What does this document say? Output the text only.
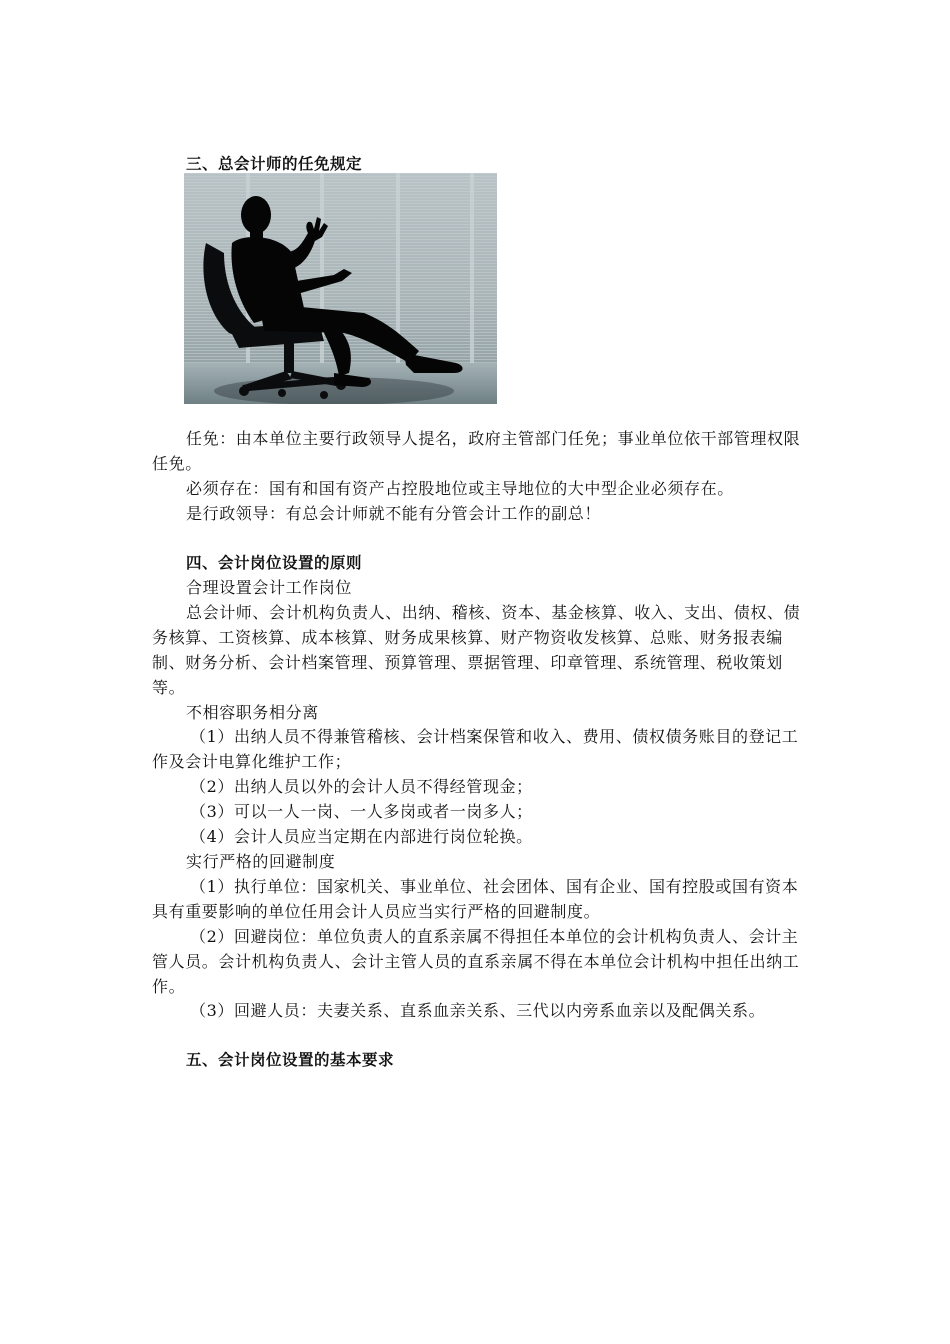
三、总会计师的任免规定
任免：由本单位主要行政领导人提名，政府主管部门任免；事业单位依干部管理权限
任免。
必须存在：国有和国有资产占控股地位或主导地位的大中型企业必须存在。
是行政领导：有总会计师就不能有分管会计工作的副总！
四、会计岗位设置的原则
合理设置会计工作岗位
总会计师、会计机构负责人、出纳、稽核、资本、基金核算、收入、支出、债权、债
务核算、工资核算、成本核算、财务成果核算、财产物资收发核算、总账、财务报表编
制、财务分析、会计档案管理、预算管理、票据管理、印章管理、系统管理、税收策划
等。
不相容职务相分离
（1）出纳人员不得兼管稽核、会计档案保管和收入、费用、债权债务账目的登记工
作及会计电算化维护工作；
（2）出纳人员以外的会计人员不得经管现金；
（3）可以一人一岗、一人多岗或者一岗多人；
（4）会计人员应当定期在内部进行岗位轮换。
实行严格的回避制度
（1）执行单位：国家机关、事业单位、社会团体、国有企业、国有控股或国有资本
具有重要影响的单位任用会计人员应当实行严格的回避制度。
（2）回避岗位：单位负责人的直系亲属不得担任本单位的会计机构负责人、会计主
管人员。会计机构负责人、会计主管人员的直系亲属不得在本单位会计机构中担任出纳工
作。
（3）回避人员：夫妻关系、直系血亲关系、三代以内旁系血亲以及配偶关系。
五、会计岗位设置的基本要求
